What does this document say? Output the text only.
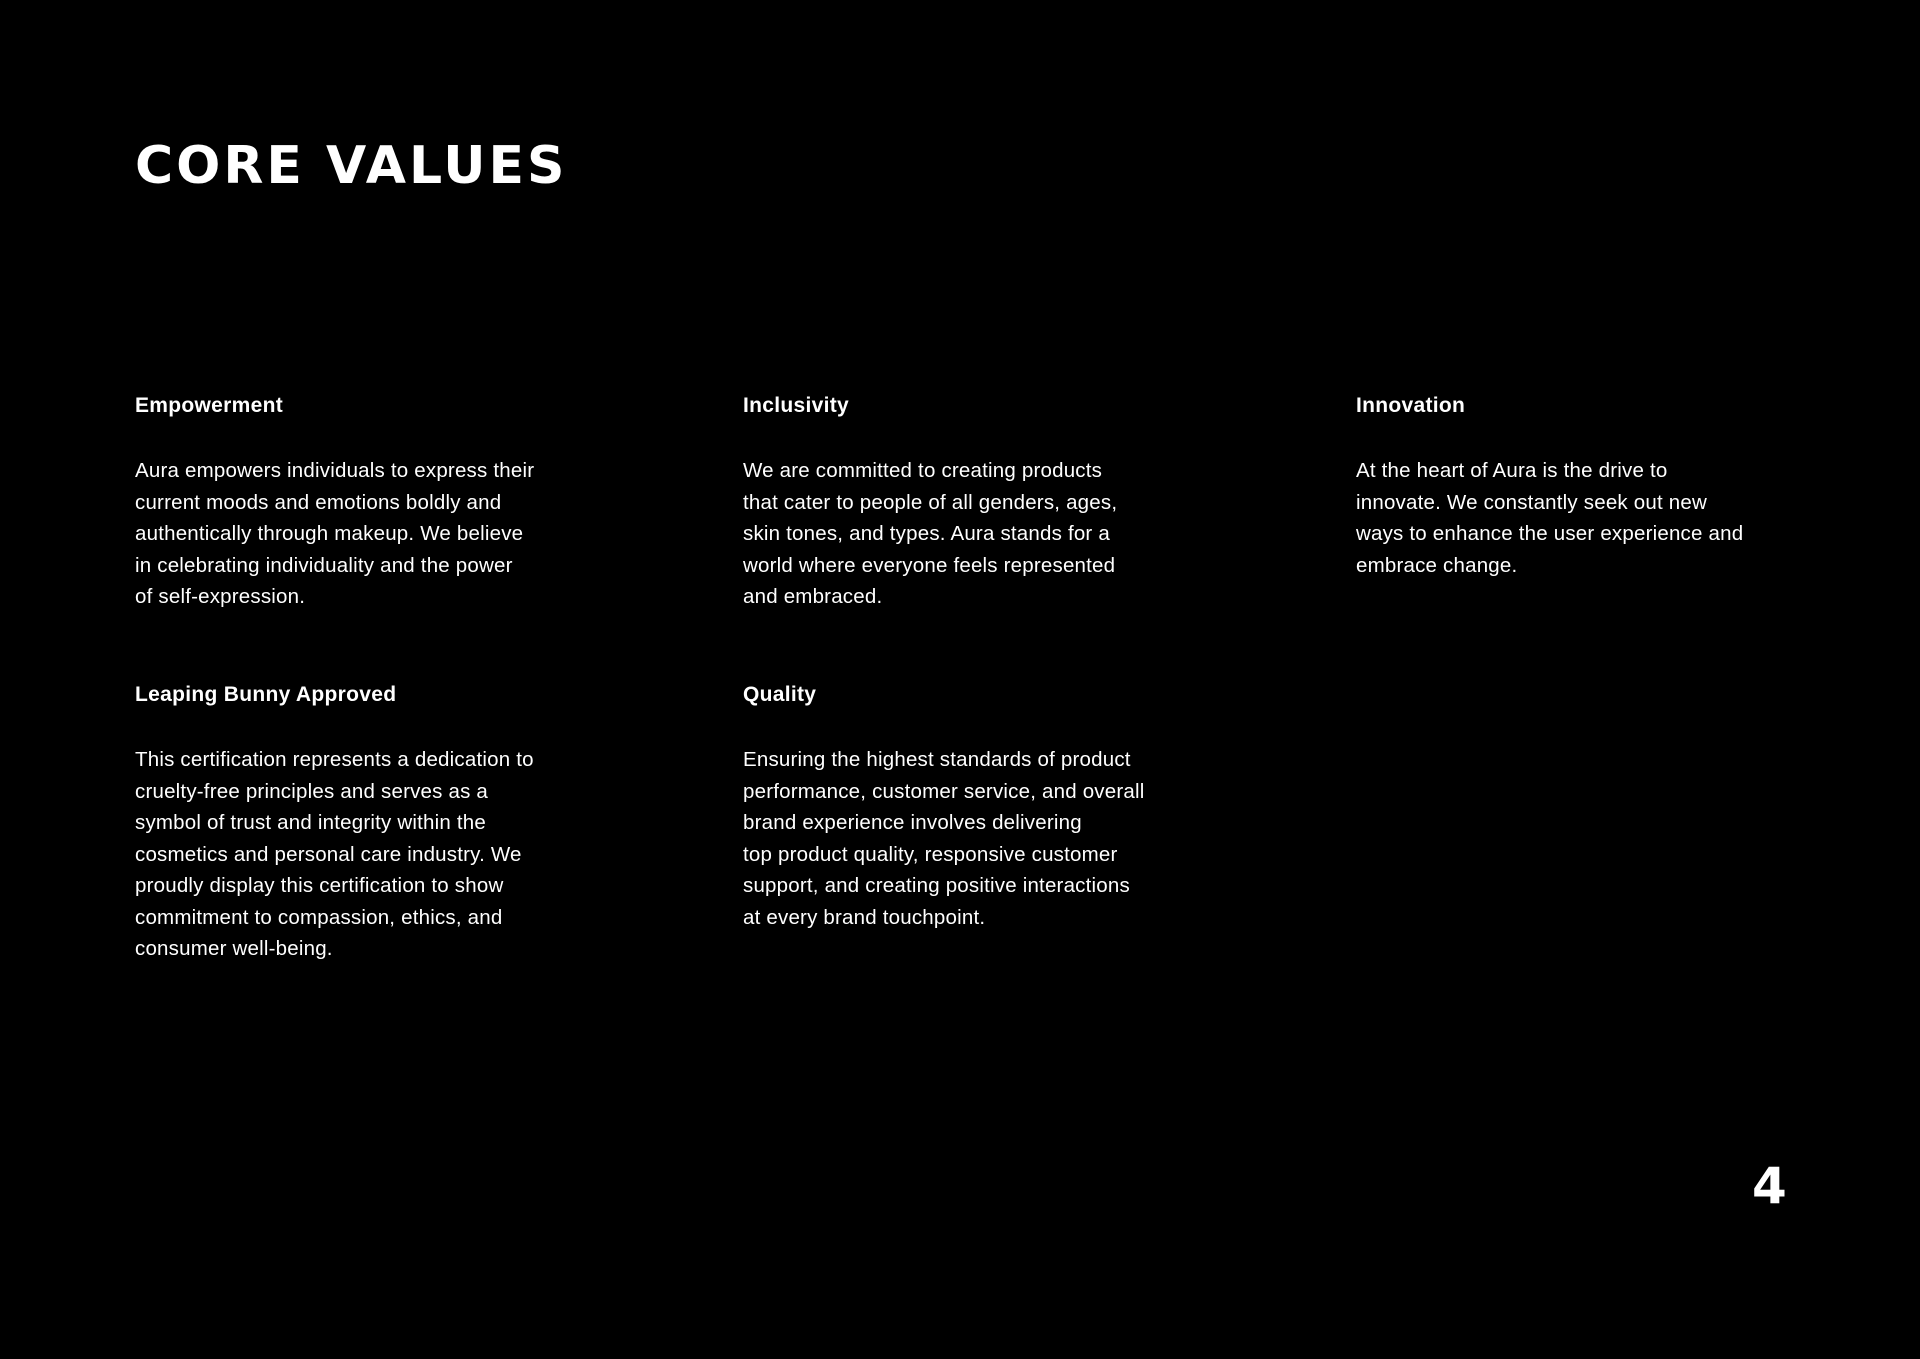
CORE VALUES
Empowerment

Aura empowers individuals to express their
current moods and emotions boldly and
authentically through makeup. We believe
in celebrating individuality and the power
of self-expression.

Inclusivity

We are committed to creating products
that cater to people of all genders, ages,
skin tones, and types. Aura stands for a
world where everyone feels represented
and embraced.

Innovation

At the heart of Aura is the drive to
innovate. We constantly seek out new
ways to enhance the user experience and
embrace change.

Leaping Bunny Approved

This certification represents a dedication to
cruelty-free principles and serves as a
symbol of trust and integrity within the
cosmetics and personal care industry. We
proudly display this certification to show
commitment to compassion, ethics, and
consumer well-being.

Quality

Ensuring the highest standards of product
performance, customer service, and overall
brand experience involves delivering
top product quality, responsive customer
support, and creating positive interactions
at every brand touchpoint.

4
